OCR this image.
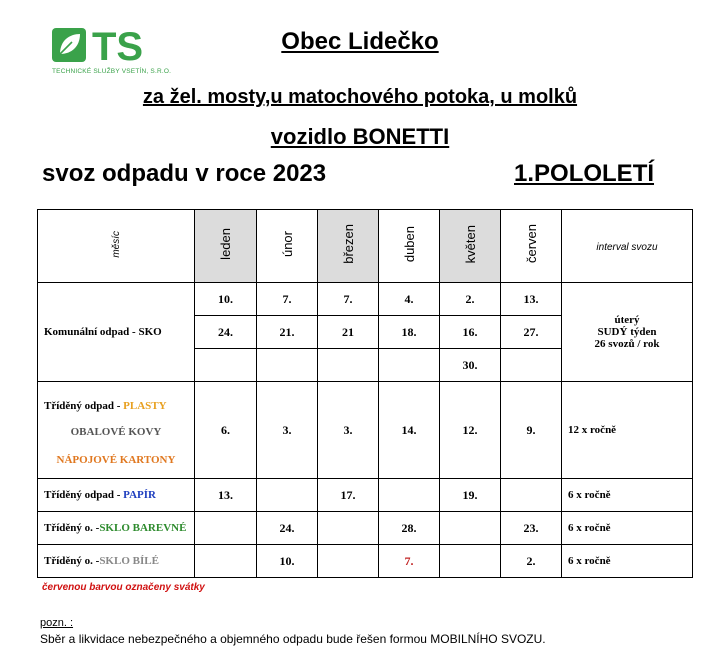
TS
TECHNICKÉ SLUŽBY VSETÍN, S.R.O.
Obec Lidečko
za žel. mosty,u matochového potoka, u molků
vozidlo BONETTI
svoz odpadu v roce 2023	1.POLOLETÍ
měsíc	leden	únor	březen	duben	květen	červen	interval svozu
Komunální odpad - SKO	10.	7.	7.	4.	2.	13.	úterý
SUDÝ týden
26 svozů / rok

	24.	21.	21	18.	16.	27.	
					30.		

Tříděný odpad - PLASTY
OBALOVÉ KOVY
NÁPOJOVÉ KARTONY	6.	3.	3.	14.	12.	9.	12 x ročně
Tříděný odpad - PAPÍR	13.		17.		19.		6 x ročně
Tříděný o. -SKLO BAREVNÉ		24.		28.		23.	6 x ročně
Tříděný o. -SKLO BÍLÉ		10.		7.		2.	6 x ročně
červenou barvou označeny svátky
pozn. :
Sběr a likvidace nebezpečného a objemného odpadu bude řešen formou MOBILNÍHO SVOZU.
